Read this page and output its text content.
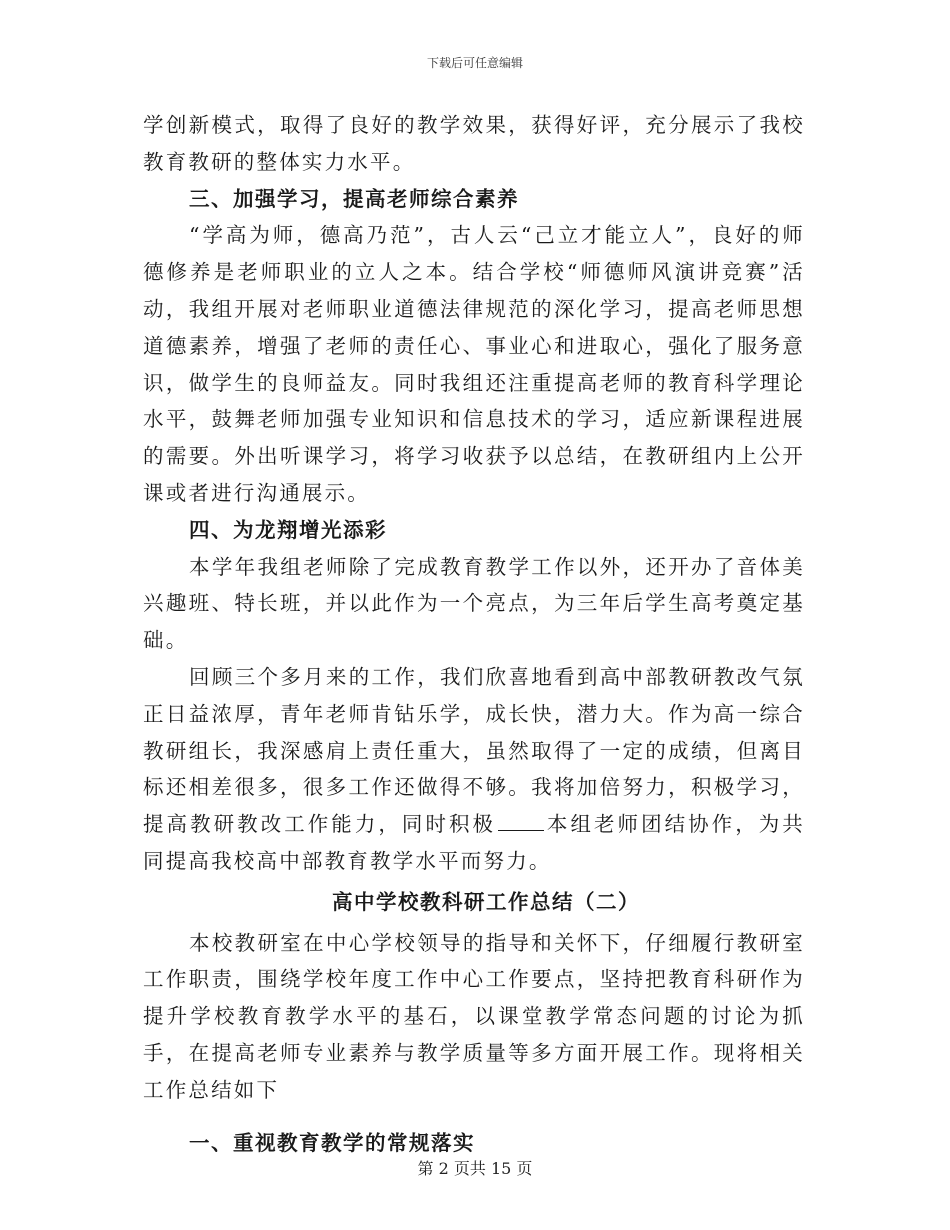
下载后可任意编辑

学创新模式，取得了良好的教学效果，获得好评，充分展示了我校教育教研的整体实力水平。

三、加强学习，提高老师综合素养

“学高为师，德高乃范”，古人云“己立才能立人”，良好的师德修养是老师职业的立人之本。结合学校“师德师风演讲竞赛”活动，我组开展对老师职业道德法律规范的深化学习，提高老师思想道德素养，增强了老师的责任心、事业心和进取心，强化了服务意识，做学生的良师益友。同时我组还注重提高老师的教育科学理论水平，鼓舞老师加强专业知识和信息技术的学习，适应新课程进展的需要。外出听课学习，将学习收获予以总结，在教研组内上公开课或者进行沟通展示。

四、为龙翔增光添彩

本学年我组老师除了完成教育教学工作以外，还开办了音体美兴趣班、特长班，并以此作为一个亮点，为三年后学生高考奠定基础。

回顾三个多月来的工作，我们欣喜地看到高中部教研教改气氛正日益浓厚，青年老师肯钻乐学，成长快，潜力大。作为高一综合教研组长，我深感肩上责任重大，虽然取得了一定的成绩，但离目标还相差很多，很多工作还做得不够。我将加倍努力，积极学习，提高教研教改工作能力，同时积极 本组老师团结协作，为共同提高我校高中部教育教学水平而努力。

高中学校教科研工作总结（二）

本校教研室在中心学校领导的指导和关怀下，仔细履行教研室工作职责，围绕学校年度工作中心工作要点，坚持把教育科研作为提升学校教育教学水平的基石，以课堂教学常态问题的讨论为抓手，在提高老师专业素养与教学质量等多方面开展工作。现将相关工作总结如下

一、重视教育教学的常规落实

第 2 页共 15 页
